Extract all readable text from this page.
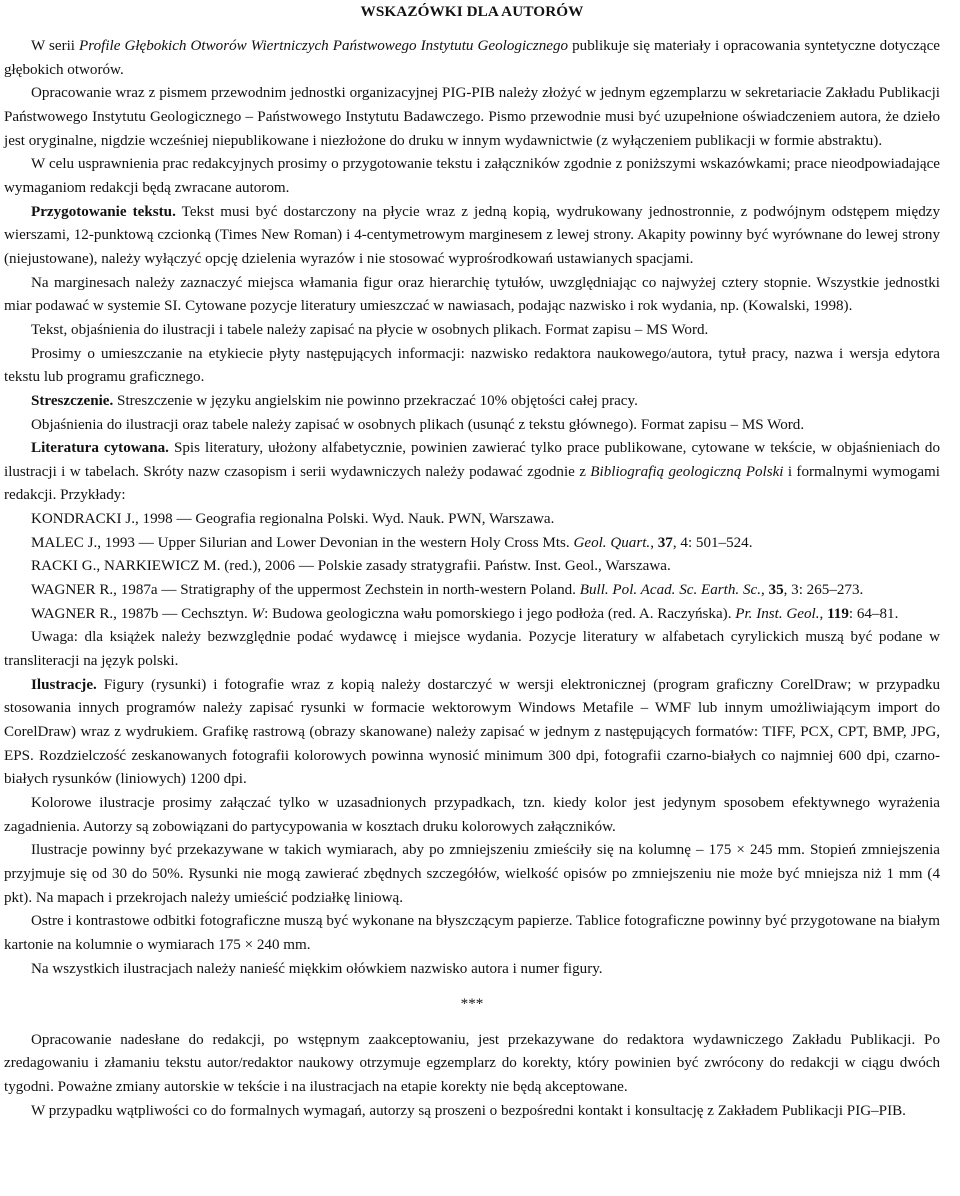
WSKAZÓWKI DLA AUTORÓW

W serii Profile Głębokich Otworów Wiertniczych Państwowego Instytutu Geologicznego publikuje się materiały i opracowania syntetyczne dotyczące głębokich otworów.

Opracowanie wraz z pismem przewodnim jednostki organizacyjnej PIG-PIB należy złożyć w jednym egzemplarzu w sekretariacie Zakładu Publikacji Państwowego Instytutu Geologicznego – Państwowego Instytutu Badawczego. Pismo przewodnie musi być uzupełnione oświadczeniem autora, że dzieło jest oryginalne, nigdzie wcześniej niepublikowane i niezłożone do druku w innym wydawnictwie (z wyłączeniem publikacji w formie abstraktu).

W celu usprawnienia prac redakcyjnych prosimy o przygotowanie tekstu i załączników zgodnie z poniższymi wskazówkami; prace nieodpowiadające wymaganiom redakcji będą zwracane autorom.

Przygotowanie tekstu. Tekst musi być dostarczony na płycie wraz z jedną kopią, wydrukowany jednostronnie, z podwójnym odstępem między wierszami, 12-punktową czcionką (Times New Roman) i 4-centymetrowym marginesem z lewej strony. Akapity powinny być wyrównane do lewej strony (niejustowane), należy wyłączyć opcję dzielenia wyrazów i nie stosować wyprośrodkowań ustawianych spacjami.

Na marginesach należy zaznaczyć miejsca włamania figur oraz hierarchię tytułów, uwzględniając co najwyżej cztery stopnie. Wszystkie jednostki miar podawać w systemie SI. Cytowane pozycje literatury umieszczać w nawiasach, podając nazwisko i rok wydania, np. (Kowalski, 1998).

Tekst, objaśnienia do ilustracji i tabele należy zapisać na płycie w osobnych plikach. Format zapisu – MS Word.

Prosimy o umieszczanie na etykiecie płyty następujących informacji: nazwisko redaktora naukowego/autora, tytuł pracy, nazwa i wersja edytora tekstu lub programu graficznego.

Streszczenie. Streszczenie w języku angielskim nie powinno przekraczać 10% objętości całej pracy.

Objaśnienia do ilustracji oraz tabele należy zapisać w osobnych plikach (usunąć z tekstu głównego). Format zapisu – MS Word.

Literatura cytowana. Spis literatury, ułożony alfabetycznie, powinien zawierać tylko prace publikowane, cytowane w tekście, w objaśnieniach do ilustracji i w tabelach. Skróty nazw czasopism i serii wydawniczych należy podawać zgodnie z Bibliografią geologiczną Polski i formalnymi wymogami redakcji. Przykłady:

KONDRACKI J., 1998 — Geografia regionalna Polski. Wyd. Nauk. PWN, Warszawa.

MALEC J., 1993 — Upper Silurian and Lower Devonian in the western Holy Cross Mts. Geol. Quart., 37, 4: 501–524.

RACKI G., NARKIEWICZ M. (red.), 2006 — Polskie zasady stratygrafii. Państw. Inst. Geol., Warszawa.

WAGNER R., 1987a — Stratigraphy of the uppermost Zechstein in north-western Poland. Bull. Pol. Acad. Sc. Earth. Sc., 35, 3: 265–273.

WAGNER R., 1987b — Cechsztyn. W: Budowa geologiczna wału pomorskiego i jego podłoża (red. A. Raczyńska). Pr. Inst. Geol., 119: 64–81.

Uwaga: dla książek należy bezwzględnie podać wydawcę i miejsce wydania. Pozycje literatury w alfabetach cyrylickich muszą być podane w transliteracji na język polski.

Ilustracje. Figury (rysunki) i fotografie wraz z kopią należy dostarczyć w wersji elektronicznej (program graficzny CorelDraw; w przypadku stosowania innych programów należy zapisać rysunki w formacie wektorowym Windows Metafile – WMF lub innym umożliwiającym import do CorelDraw) wraz z wydrukiem. Grafikę rastrową (obrazy skanowane) należy zapisać w jednym z następujących formatów: TIFF, PCX, CPT, BMP, JPG, EPS. Rozdzielczość zeskanowanych fotografii kolorowych powinna wynosić minimum 300 dpi, fotografii czarno-białych co najmniej 600 dpi, czarno-białych rysunków (liniowych) 1200 dpi.

Kolorowe ilustracje prosimy załączać tylko w uzasadnionych przypadkach, tzn. kiedy kolor jest jedynym sposobem efektywnego wyrażenia zagadnienia. Autorzy są zobowiązani do partycypowania w kosztach druku kolorowych załączników.

Ilustracje powinny być przekazywane w takich wymiarach, aby po zmniejszeniu zmieściły się na kolumnę – 175 × 245 mm. Stopień zmniejszenia przyjmuje się od 30 do 50%. Rysunki nie mogą zawierać zbędnych szczegółów, wielkość opisów po zmniejszeniu nie może być mniejsza niż 1 mm (4 pkt). Na mapach i przekrojach należy umieścić podziałkę liniową.

Ostre i kontrastowe odbitki fotograficzne muszą być wykonane na błyszczącym papierze. Tablice fotograficzne powinny być przygotowane na białym kartonie na kolumnie o wymiarach 175 × 240 mm.

Na wszystkich ilustracjach należy nanieść miękkim ołówkiem nazwisko autora i numer figury.

***

Opracowanie nadesłane do redakcji, po wstępnym zaakceptowaniu, jest przekazywane do redaktora wydawniczego Zakładu Publikacji. Po zredagowaniu i złamaniu tekstu autor/redaktor naukowy otrzymuje egzemplarz do korekty, który powinien być zwrócony do redakcji w ciągu dwóch tygodni. Poważne zmiany autorskie w tekście i na ilustracjach na etapie korekty nie będą akceptowane.

W przypadku wątpliwości co do formalnych wymagań, autorzy są proszeni o bezpośredni kontakt i konsultację z Zakładem Publikacji PIG–PIB.
